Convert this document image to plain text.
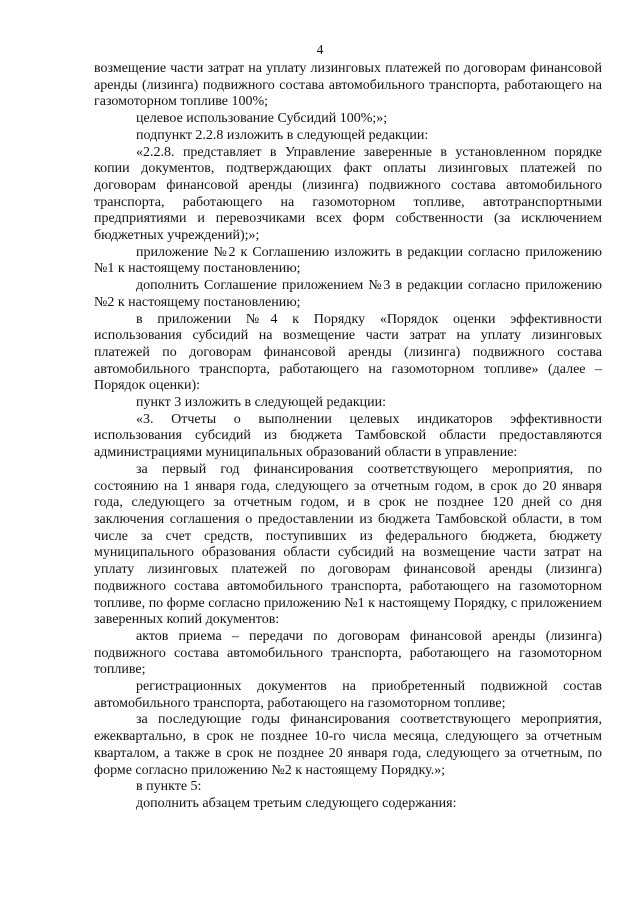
4

возмещение части затрат на уплату лизинговых платежей по договорам финансовой аренды (лизинга) подвижного состава автомобильного транспорта, работающего на газомоторном топливе 100%;

целевое использование Субсидий 100%;»;

подпункт 2.2.8 изложить в следующей редакции:

«2.2.8. представляет в Управление заверенные в установленном порядке копии документов, подтверждающих факт оплаты лизинговых платежей по договорам финансовой аренды (лизинга) подвижного состава автомобильного транспорта, работающего на газомоторном топливе, автотранспортными предприятиями и перевозчиками всех форм собственности (за исключением бюджетных учреждений);»;

приложение №2 к Соглашению изложить в редакции согласно приложению №1 к настоящему постановлению;

дополнить Соглашение приложением №3 в редакции согласно приложению №2 к настоящему постановлению;

в приложении №4 к Порядку «Порядок оценки эффективности использования субсидий на возмещение части затрат на уплату лизинговых платежей по договорам финансовой аренды (лизинга) подвижного состава автомобильного транспорта, работающего на газомоторном топливе» (далее – Порядок оценки):

пункт 3 изложить в следующей редакции:

«3. Отчеты о выполнении целевых индикаторов эффективности использования субсидий из бюджета Тамбовской области предоставляются администрациями муниципальных образований области в управление:

за первый год финансирования соответствующего мероприятия, по состоянию на 1 января года, следующего за отчетным годом, в срок до 20 января года, следующего за отчетным годом, и в срок не позднее 120 дней со дня заключения соглашения о предоставлении из бюджета Тамбовской области, в том числе за счет средств, поступивших из федерального бюджета, бюджету муниципального образования области субсидий на возмещение части затрат на уплату лизинговых платежей по договорам финансовой аренды (лизинга) подвижного состава автомобильного транспорта, работающего на газомоторном топливе, по форме согласно приложению №1 к настоящему Порядку, с приложением заверенных копий документов:

актов приема – передачи по договорам финансовой аренды (лизинга) подвижного состава автомобильного транспорта, работающего на газомоторном топливе;

регистрационных документов на приобретенный подвижной состав автомобильного транспорта, работающего на газомоторном топливе;

за последующие годы финансирования соответствующего мероприятия, ежеквартально, в срок не позднее 10-го числа месяца, следующего за отчетным кварталом, а также в срок не позднее 20 января года, следующего за отчетным, по форме согласно приложению №2 к настоящему Порядку.»;

в пункте 5:

дополнить абзацем третьим следующего содержания:
